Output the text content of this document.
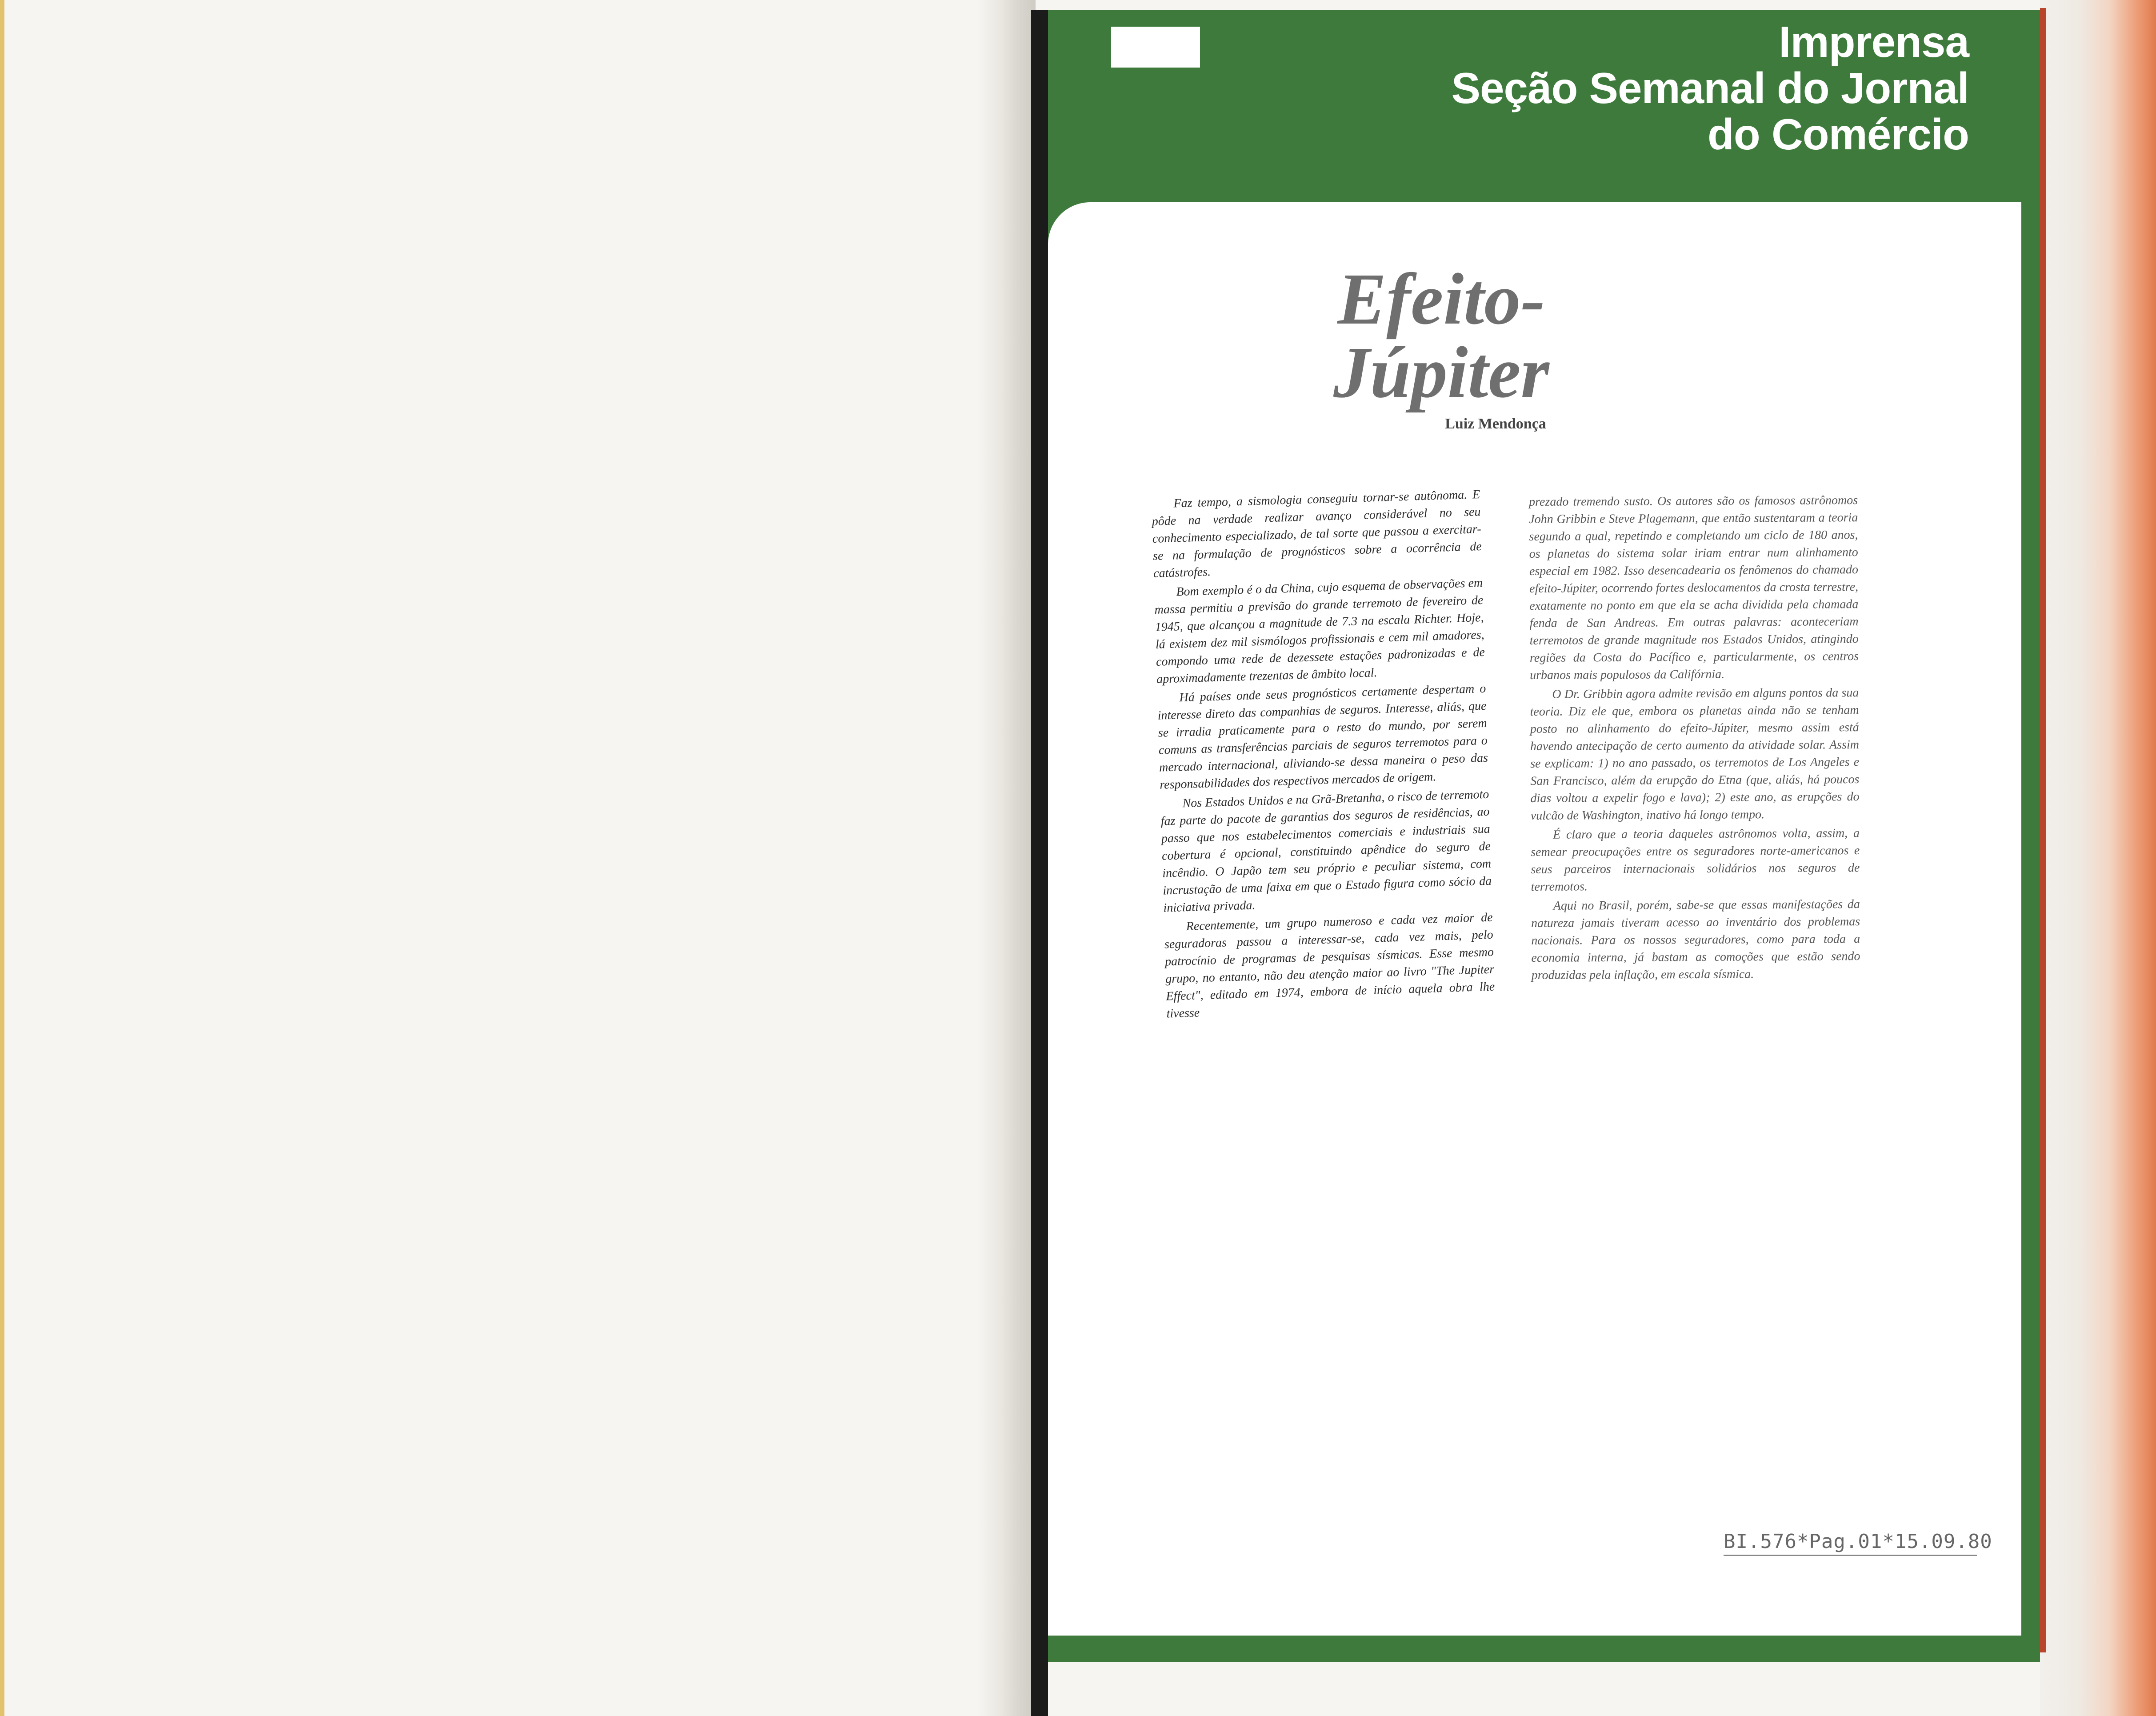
Imprensa
Seção Semanal do Jornal
do Comércio
Efeito-
Júpiter
Luiz Mendonça

Faz tempo, a sismologia conseguiu tornar-se autônoma. E pôde na verdade realizar avanço considerável no seu conhecimento especializado, de tal sorte que passou a exercitar-se na formulação de prognósticos sobre a ocorrência de catástrofes.

Bom exemplo é o da China, cujo esquema de observações em massa permitiu a previsão do grande terremoto de fevereiro de 1945, que alcançou a magnitude de 7.3 na escala Richter. Hoje, lá existem dez mil sismólogos profissionais e cem mil amadores, compondo uma rede de dezessete estações padronizadas e de aproximadamente trezentas de âmbito local.

Há países onde seus prognósticos certamente despertam o interesse direto das companhias de seguros. Interesse, aliás, que se irradia praticamente para o resto do mundo, por serem comuns as transferências parciais de seguros terremotos para o mercado internacional, aliviando-se dessa maneira o peso das responsabilidades dos respectivos mercados de origem.

Nos Estados Unidos e na Grã-Bretanha, o risco de terremoto faz parte do pacote de garantias dos seguros de residências, ao passo que nos estabelecimentos comerciais e industriais sua cobertura é opcional, constituindo apêndice do seguro de incêndio. O Japão tem seu próprio e peculiar sistema, com incrustação de uma faixa em que o Estado figura como sócio da iniciativa privada.

Recentemente, um grupo numeroso e cada vez maior de seguradoras passou a interessar-se, cada vez mais, pelo patrocínio de programas de pesquisas sísmicas. Esse mesmo grupo, no entanto, não deu atenção maior ao livro "The Jupiter Effect", editado em 1974, embora de início aquela obra lhe tivesse

prezado tremendo susto. Os autores são os famosos astrônomos John Gribbin e Steve Plagemann, que então sustentaram a teoria segundo a qual, repetindo e completando um ciclo de 180 anos, os planetas do sistema solar iriam entrar num alinhamento especial em 1982. Isso desencadearia os fenômenos do chamado efeito-Júpiter, ocorrendo fortes deslocamentos da crosta terrestre, exatamente no ponto em que ela se acha dividida pela chamada fenda de San Andreas. Em outras palavras: aconteceriam terremotos de grande magnitude nos Estados Unidos, atingindo regiões da Costa do Pacífico e, particularmente, os centros urbanos mais populosos da Califórnia.

O Dr. Gribbin agora admite revisão em alguns pontos da sua teoria. Diz ele que, embora os planetas ainda não se tenham posto no alinhamento do efeito-Júpiter, mesmo assim está havendo antecipação de certo aumento da atividade solar. Assim se explicam: 1) no ano passado, os terremotos de Los Angeles e San Francisco, além da erupção do Etna (que, aliás, há poucos dias voltou a expelir fogo e lava); 2) este ano, as erupções do vulcão de Washington, inativo há longo tempo.

É claro que a teoria daqueles astrônomos volta, assim, a semear preocupações entre os seguradores norte-americanos e seus parceiros internacionais solidários nos seguros de terremotos.

Aqui no Brasil, porém, sabe-se que essas manifestações da natureza jamais tiveram acesso ao inventário dos problemas nacionais. Para os nossos seguradores, como para toda a economia interna, já bastam as comoções que estão sendo produzidas pela inflação, em escala sísmica.

BI.576*Pag.01*15.09.80
